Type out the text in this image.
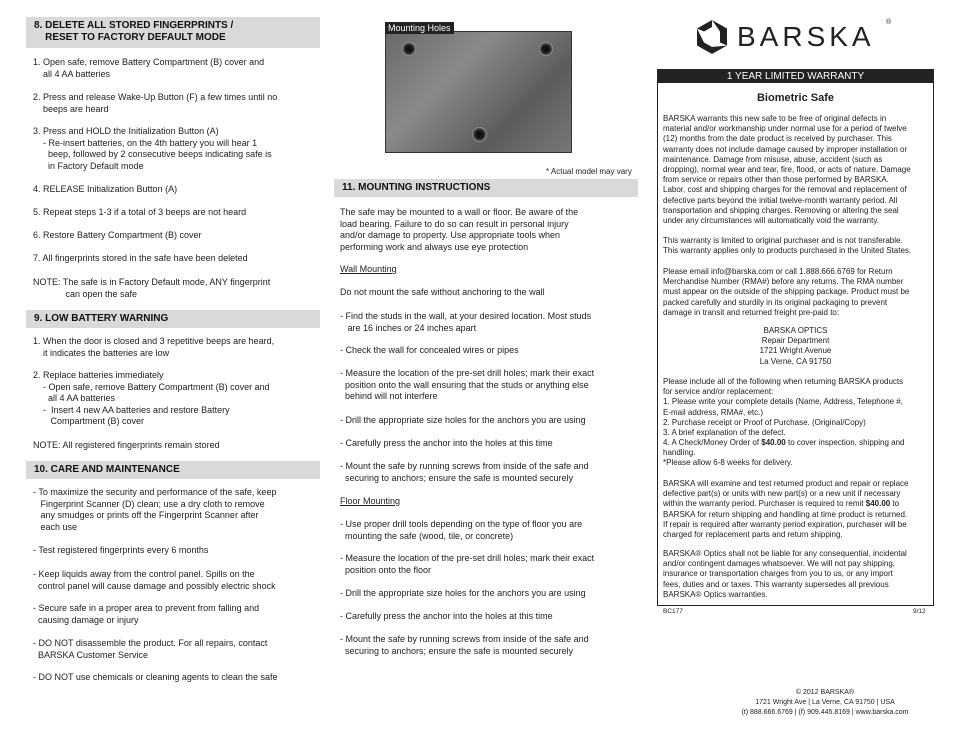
8. DELETE ALL STORED FINGERPRINTS /
RESET TO FACTORY DEFAULT MODE
1. Open safe, remove Battery Compartment (B) cover and
all 4 AA batteries
2. Press and release Wake-Up Button (F) a few times until no
beeps are heard
3. Press and HOLD the Initialization Button (A)
- Re-insert batteries, on the 4th battery you will hear 1
beep, followed by 2 consecutive beeps indicating safe is
in Factory Default mode
4. RELEASE Initialization Button (A)
5. Repeat steps 1-3 if a total of 3 beeps are not heard
6. Restore Battery Compartment (B) cover
7. All fingerprints stored in the safe have been deleted
NOTE: The safe is in Factory Default mode, ANY fingerprint
can open the safe
9. LOW BATTERY WARNING
1. When the door is closed and 3 repetitive beeps are heard,
it indicates the batteries are low
2. Replace batteries immediately
- Open safe, remove Battery Compartment (B) cover and
all 4 AA batteries
-  Insert 4 new AA batteries and restore Battery
Compartment (B) cover
NOTE: All registered fingerprints remain stored
10. CARE AND MAINTENANCE
- To maximize the security and performance of the safe, keep
Fingerprint Scanner (D) clean; use a dry cloth to remove
any smudges or prints off the Fingerprint Scanner after
each use
- Test registered fingerprints every 6 months
- Keep liquids away from the control panel. Spills on the
control panel will cause damage and possibly electric shock
- Secure safe in a proper area to prevent from falling and
causing damage or injury
- DO NOT disassemble the product. For all repairs, contact
BARSKA Customer Service
- DO NOT use chemicals or cleaning agents to clean the safe
Mounting Holes
* Actual model may vary
11. MOUNTING INSTRUCTIONS
The safe may be mounted to a wall or floor. Be aware of the
load bearing. Failure to do so can result in personal injury
and/or damage to property. Use appropriate tools when
performing work and always use eye protection
Wall Mounting
Do not mount the safe without anchoring to the wall
- Find the studs in the wall, at your desired location. Most studs
are 16 inches or 24 inches apart
- Check the wall for concealed wires or pipes
- Measure the location of the pre-set drill holes; mark their exact
position onto the wall ensuring that the studs or anything else
behind will not interfere
- Drill the appropriate size holes for the anchors you are using
- Carefully press the anchor into the holes at this time
- Mount the safe by running screws from inside of the safe and
securing to anchors; ensure the safe is mounted securely
Floor Mounting
- Use proper drill tools depending on the type of floor you are
mounting the safe (wood, tile, or concrete)
- Measure the location of the pre-set drill holes; mark their exact
position onto the floor
- Drill the appropriate size holes for the anchors you are using
- Carefully press the anchor into the holes at this time
- Mount the safe by running screws from inside of the safe and
securing to anchors; ensure the safe is mounted securely
BARSKA ®
1 YEAR LIMITED WARRANTY
Biometric Safe
BARSKA warrants this new safe to be free of original defects in
material and/or workmanship under normal use for a period of twelve
(12) months from the date product is received by purchaser. This
warranty does not include damage caused by improper installation or
maintenance. Damage from misuse, abuse, accident (such as
dropping), normal wear and tear, fire, flood, or acts of nature. Damage
from service or repairs other than those performed by BARSKA.
Labor, cost and shipping charges for the removal and replacement of
defective parts beyond the initial twelve-month warranty period. All
transportation and shipping charges. Removing or altering the seal
under any circumstances will automatically void the warranty.
This warranty is limited to original purchaser and is not transferable.
This warranty applies only to products purchased in the United States.
Please email info@barska.com or call 1.888.666.6769 for Return
Merchandise Number (RMA#) before any returns. The RMA number
must appear on the outside of the shipping package. Product must be
packed carefully and sturdily in its original packaging to prevent
damage in transit and returned freight pre-paid to:
BARSKA OPTICS
Repair Department
1721 Wright Avenue
La Verne, CA 91750
Please include all of the following when returning BARSKA products
for service and/or replacement:
1. Please write your complete details (Name, Address, Telephone #,
E-mail address, RMA#, etc.)
2. Purchase receipt or Proof of Purchase. (Original/Copy)
3. A brief explanation of the defect.
4. A Check/Money Order of $40.00 to cover inspection, shipping and
handling.
*Please allow 6-8 weeks for delivery.
BARSKA will examine and test returned product and repair or replace
defective part(s) or units with new part(s) or a new unit if necessary
within the warranty period. Purchaser is required to remit $40.00 to
BARSKA for return shipping and handling at time product is returned.
If repair is required after warranty period expiration, purchaser will be
charged for replacement parts and return shipping.
BARSKA® Optics shall not be liable for any consequential, incidental
and/or contingent damages whatsoever. We will not pay shipping,
insurance or transportation charges from you to us, or any import
fees, duties and or taxes. This warranty supersedes all previous
BARSKA® Optics warranties.
BC177	9/12
© 2012 BARSKA®
1721 Wright Ave | La Verne, CA 91750 | USA
(t) 888.666.6769 | (f) 909.445.8169 | www.barska.com
